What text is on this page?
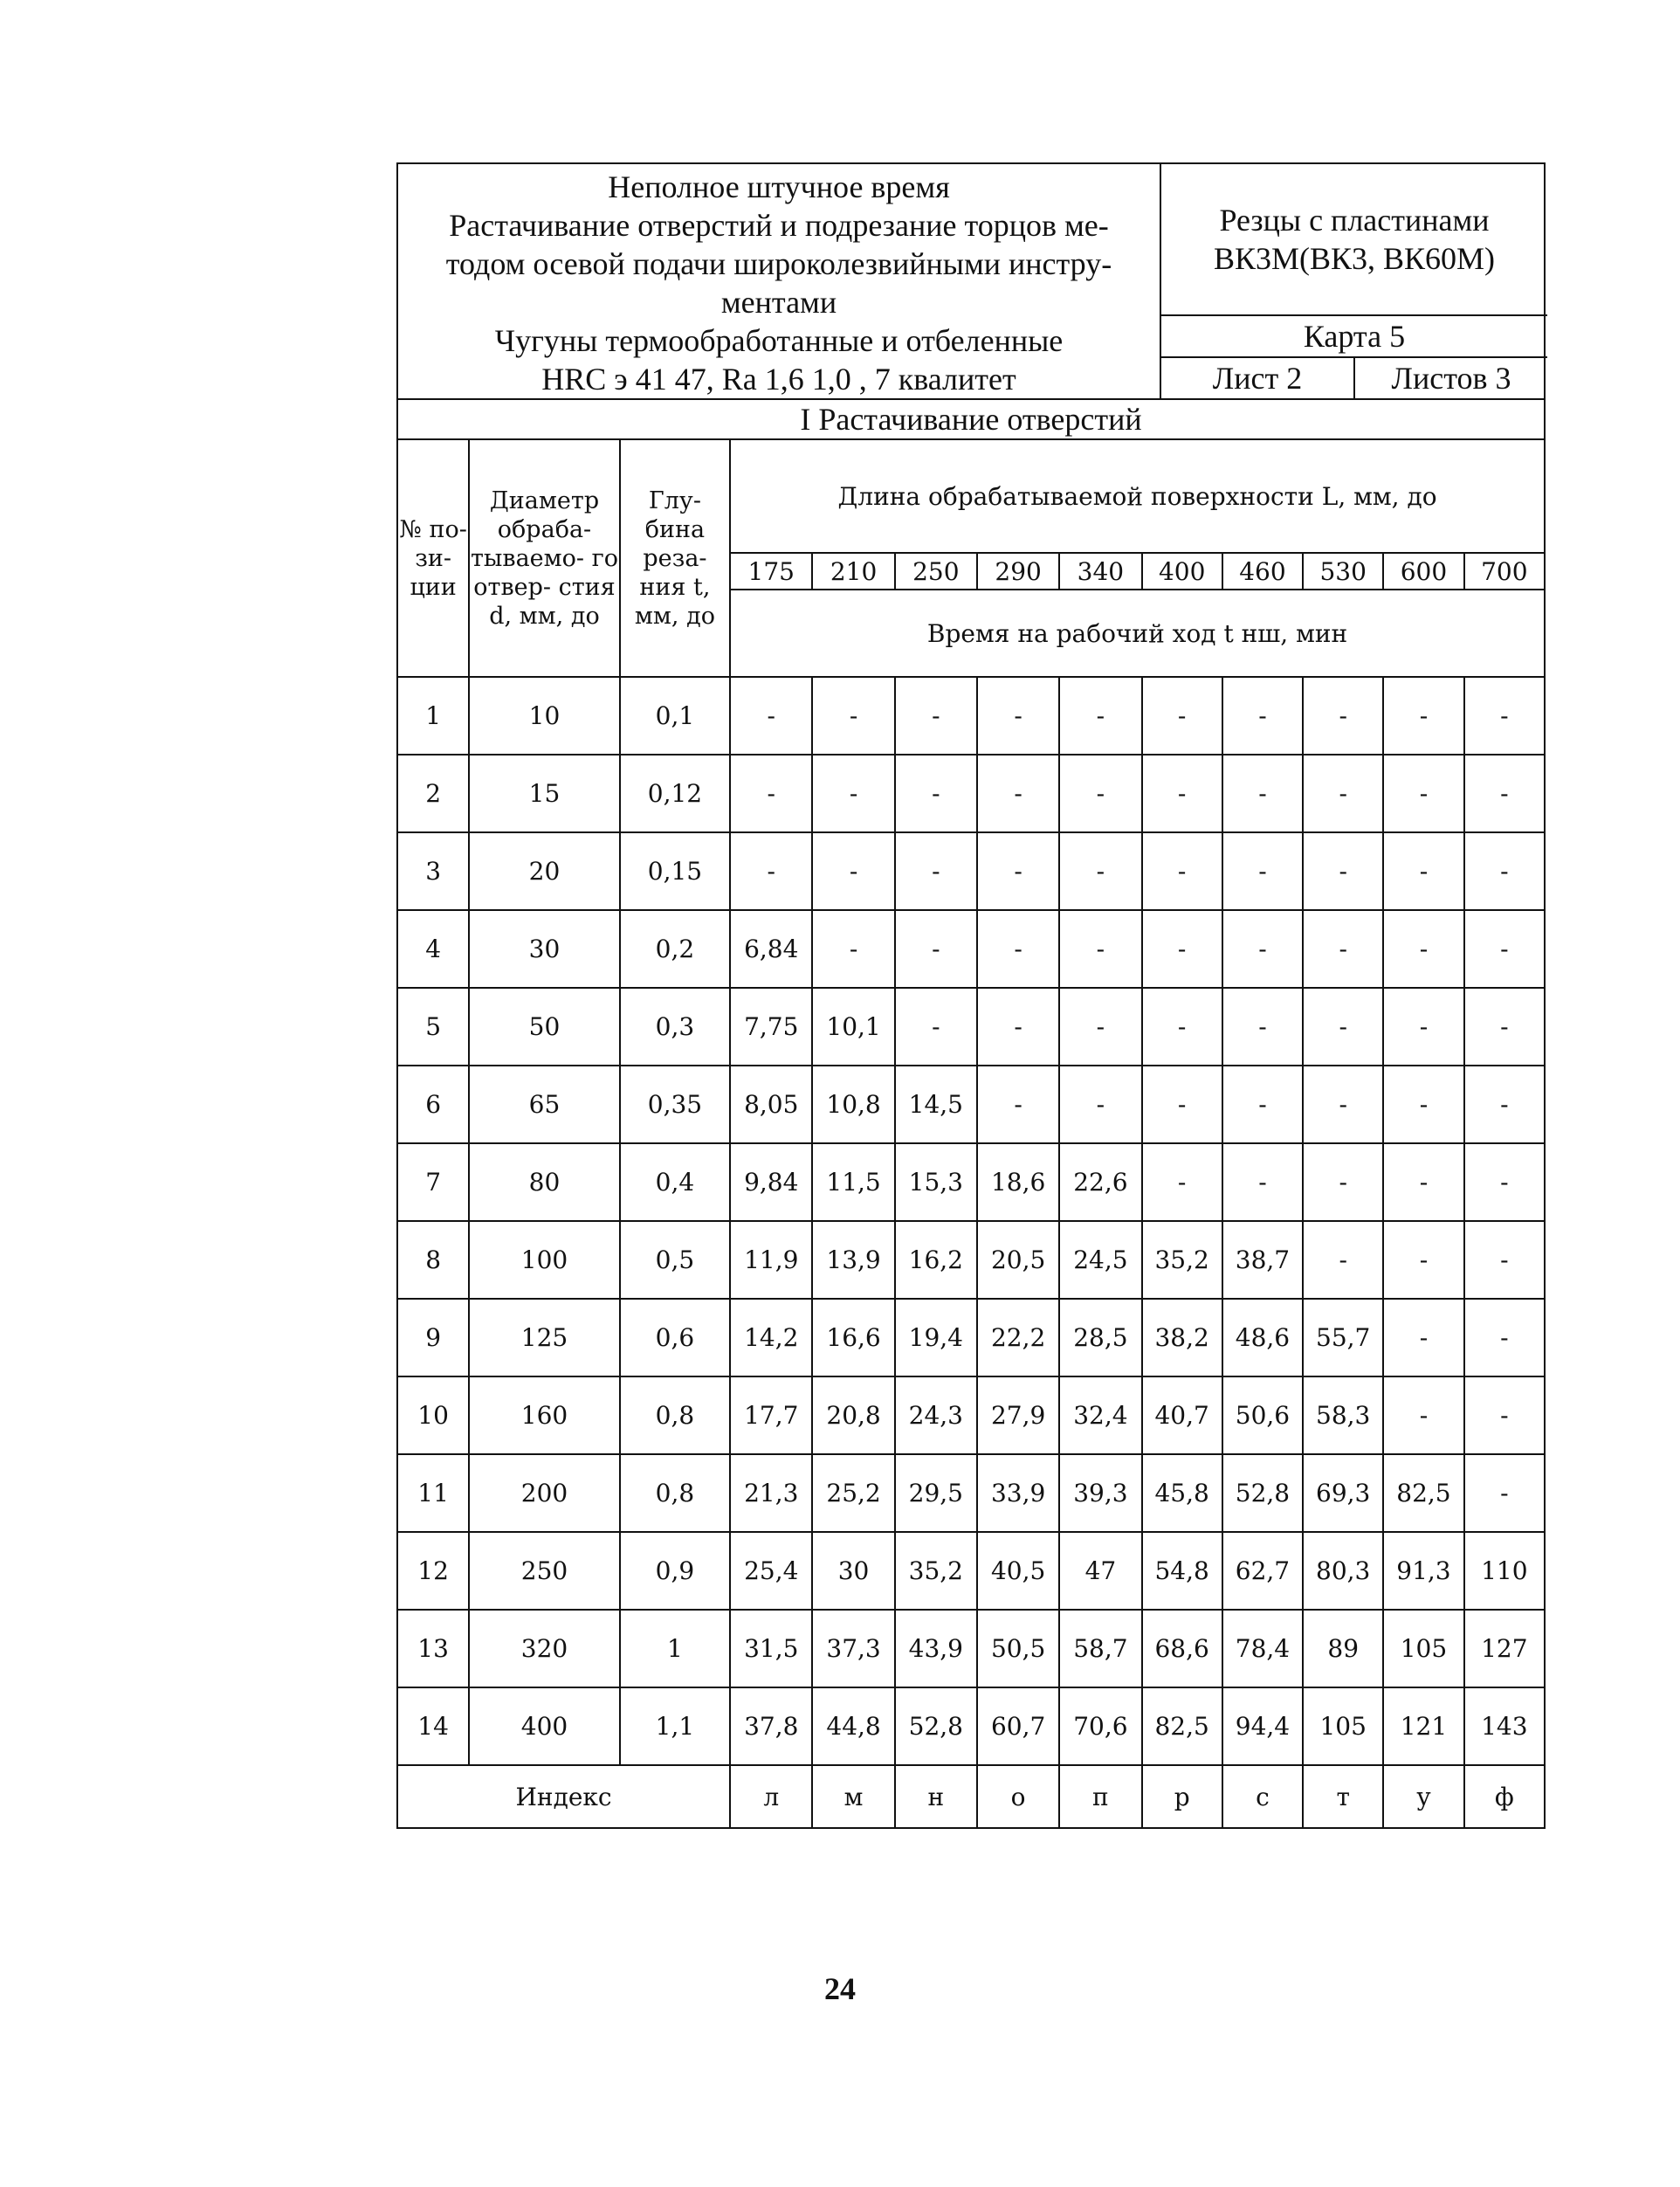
Неполное штучное время
Растачивание отверстий и подрезание торцов ме-
тодом осевой подачи широколезвийными инстру-
ментами
Чугуны термообработанные и отбеленные
HRC э 41 47, Ra 1,6 1,0 , 7 квалитет
Резцы с пластинами
ВК3М(ВК3, ВК60М)
Карта 5
Лист 2	Листов 3
I Растачивание отверстий
№ по- зи- ции	Диаметр обраба- тываемо- го отвер- стия d, мм, до	Глу- бина реза- ния t, мм, до	Длина обрабатываемой поверхности L, мм, до									
			175	210	250	290	340	400	460	530	600	700
			Время на рабочий ход t нш, мин									
1	10	0,1	-	-	-	-	-	-	-	-	-	-
2	15	0,12	-	-	-	-	-	-	-	-	-	-
3	20	0,15	-	-	-	-	-	-	-	-	-	-
4	30	0,2	6,84	-	-	-	-	-	-	-	-	-
5	50	0,3	7,75	10,1	-	-	-	-	-	-	-	-
6	65	0,35	8,05	10,8	14,5	-	-	-	-	-	-	-
7	80	0,4	9,84	11,5	15,3	18,6	22,6	-	-	-	-	-
8	100	0,5	11,9	13,9	16,2	20,5	24,5	35,2	38,7	-	-	-
9	125	0,6	14,2	16,6	19,4	22,2	28,5	38,2	48,6	55,7	-	-
10	160	0,8	17,7	20,8	24,3	27,9	32,4	40,7	50,6	58,3	-	-
11	200	0,8	21,3	25,2	29,5	33,9	39,3	45,8	52,8	69,3	82,5	-
12	250	0,9	25,4	30	35,2	40,5	47	54,8	62,7	80,3	91,3	110
13	320	1	31,5	37,3	43,9	50,5	58,7	68,6	78,4	89	105	127
14	400	1,1	37,8	44,8	52,8	60,7	70,6	82,5	94,4	105	121	143
Индекс			л	м	н	о	п	р	с	т	у	ф
24
